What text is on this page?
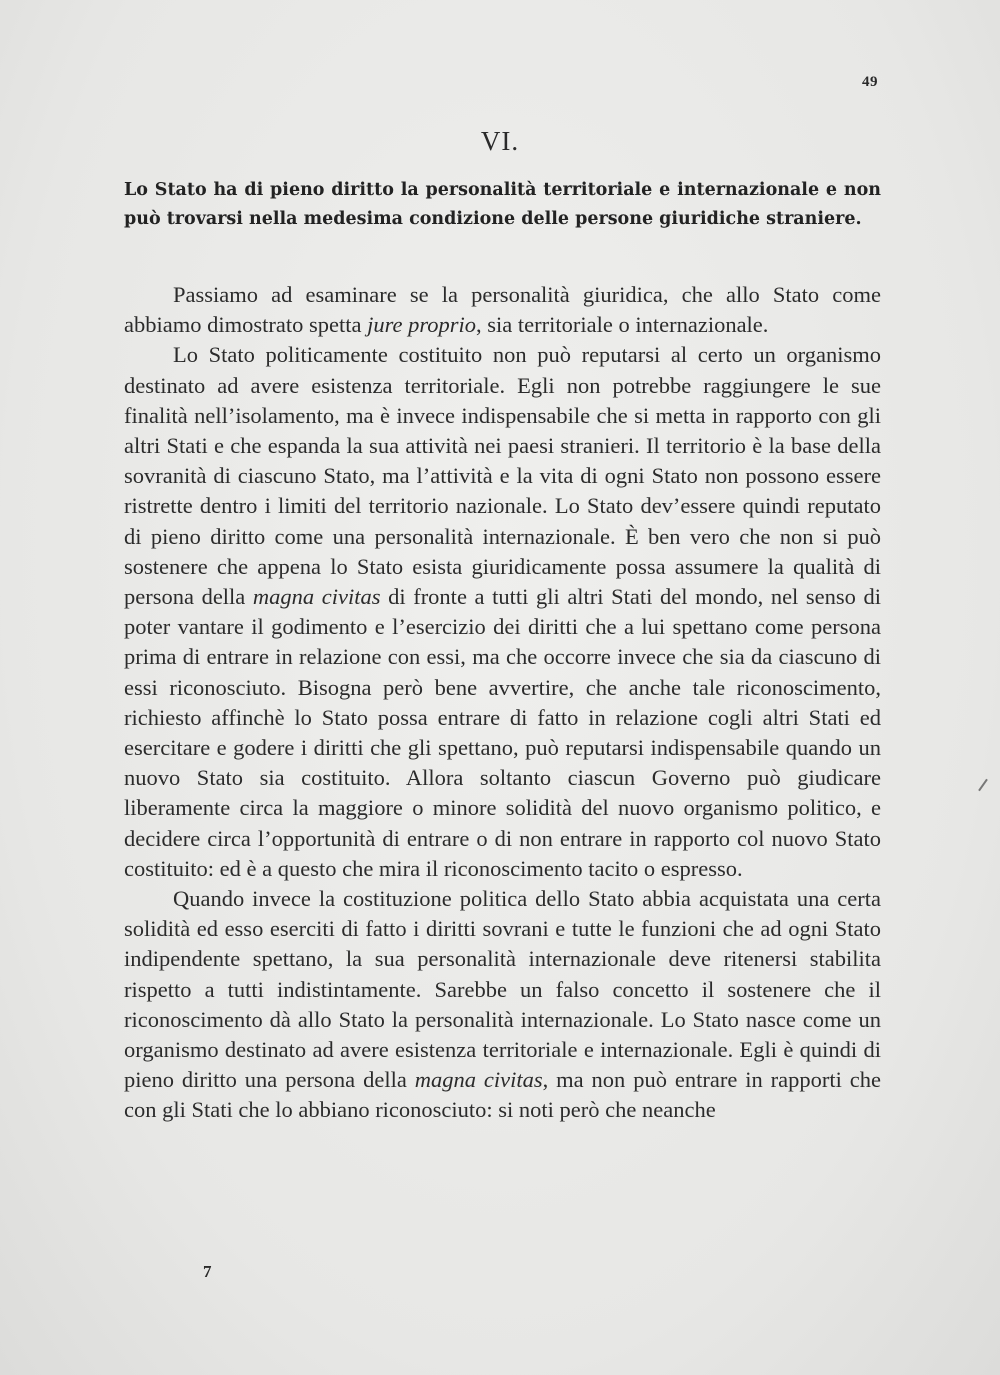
49
VI.
Lo Stato ha di pieno diritto la personalità territoriale e internazionale e non può trovarsi nella medesima condizione delle persone giuridiche straniere.

Passiamo ad esaminare se la personalità giuridica, che allo Stato come abbiamo dimostrato spetta jure proprio, sia territoriale o internazionale.

Lo Stato politicamente costituito non può reputarsi al certo un organismo destinato ad avere esistenza territoriale. Egli non potrebbe raggiungere le sue finalità nell’isolamento, ma è invece indispensabile che si metta in rapporto con gli altri Stati e che espanda la sua attività nei paesi stranieri. Il territorio è la base della sovranità di ciascuno Stato, ma l’attività e la vita di ogni Stato non possono essere ristrette dentro i limiti del territorio nazionale. Lo Stato dev’essere quindi reputato di pieno diritto come una personalità internazionale. È ben vero che non si può sostenere che appena lo Stato esista giuridicamente possa assumere la qualità di persona della magna civitas di fronte a tutti gli altri Stati del mondo, nel senso di poter vantare il godimento e l’esercizio dei diritti che a lui spettano come persona prima di entrare in relazione con essi, ma che occorre invece che sia da ciascuno di essi riconosciuto. Bisogna però bene avvertire, che anche tale riconoscimento, richiesto affinchè lo Stato possa entrare di fatto in relazione cogli altri Stati ed esercitare e godere i diritti che gli spettano, può reputarsi indispensabile quando un nuovo Stato sia costituito. Allora soltanto ciascun Governo può giudicare liberamente circa la maggiore o minore solidità del nuovo organismo politico, e decidere circa l’opportunità di entrare o di non entrare in rapporto col nuovo Stato costituito: ed è a questo che mira il riconoscimento tacito o espresso.

Quando invece la costituzione politica dello Stato abbia acquistata una certa solidità ed esso eserciti di fatto i diritti sovrani e tutte le funzioni che ad ogni Stato indipendente spettano, la sua personalità internazionale deve ritenersi stabilita rispetto a tutti indistintamente. Sarebbe un falso concetto il sostenere che il riconoscimento dà allo Stato la personalità internazionale. Lo Stato nasce come un organismo destinato ad avere esistenza territoriale e internazionale. Egli è quindi di pieno diritto una persona della magna civitas, ma non può entrare in rapporti che con gli Stati che lo abbiano riconosciuto: si noti però che neanche

7
